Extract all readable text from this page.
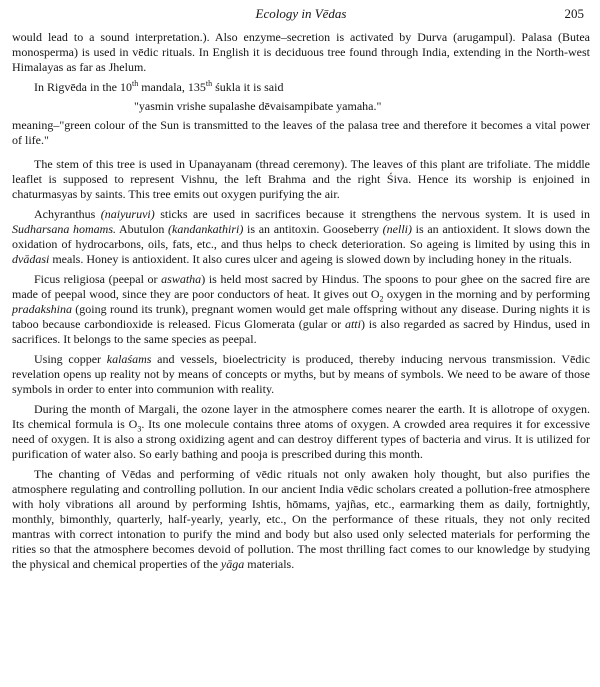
Ecology in Vēdas	205

would lead to a sound interpretation.). Also enzyme–secretion is activated by Durva (arugampul). Palasa (Butea monosperma) is used in vēdic rituals. In English it is deciduous tree found through India, extending in the North-west Himalayas as far as Jhelum.

In Rigvēda in the 10th mandala, 135th śukla it is said

"yasmin vrishe supalashe dēvaisampibate yamaha."

meaning–"green colour of the Sun is transmitted to the leaves of the palasa tree and therefore it becomes a vital power of life."

The stem of this tree is used in Upanayanam (thread ceremony). The leaves of this plant are trifoliate. The middle leaflet is supposed to represent Vishnu, the left Brahma and the right Śiva. Hence its worship is enjoined in chaturmasyas by saints. This tree emits out oxygen purifying the air.

Achyranthus (naiyuruvi) sticks are used in sacrifices because it strengthens the nervous system. It is used in Sudharsana homams. Abutulon (kandankathiri) is an antitoxin. Gooseberry (nelli) is an antioxident. It slows down the oxidation of hydrocarbons, oils, fats, etc., and thus helps to check deterioration. So ageing is limited by using this in dvādasi meals. Honey is antioxident. It also cures ulcer and ageing is slowed down by including honey in the rituals.

Ficus religiosa (peepal or aswatha) is held most sacred by Hindus. The spoons to pour ghee on the sacred fire are made of peepal wood, since they are poor conductors of heat. It gives out $O_2$ oxygen in the morning and by performing pradakshina (going round its trunk), pregnant women would get male offspring without any disease. During nights it is taboo because carbondioxide is released. Ficus Glomerata (gular or atti) is also regarded as sacred by Hindus, used in sacrifices. It belongs to the same species as peepal.

Using copper kalaśams and vessels, bioelectricity is produced, thereby inducing nervous transmission. Vēdic revelation opens up reality not by means of concepts or myths, but by means of symbols. We need to be aware of those symbols in order to enter into communion with reality.

During the month of Margali, the ozone layer in the atmosphere comes nearer the earth. It is allotrope of oxygen. Its chemical formula is $O_3$. Its one molecule contains three atoms of oxygen. A crowded area requires it for excessive need of oxygen. It is also a strong oxidizing agent and can destroy different types of bacteria and virus. It is utilized for purification of water also. So early bathing and pooja is prescribed during this month.

The chanting of Vēdas and performing of vēdic rituals not only awaken holy thought, but also purifies the atmosphere regulating and controlling pollution. In our ancient India vēdic scholars created a pollution-free atmosphere with holy vibrations all around by performing Ishtis, hōmams, yajñas, etc., earmarking them as daily, fortnightly, monthly, bimonthly, quarterly, half-yearly, yearly, etc., On the performance of these rituals, they not only recited mantras with correct intonation to purify the mind and body but also used only selected materials for performing the rities so that the atmosphere becomes devoid of pollution. The most thrilling fact comes to our knowledge by studying the physical and chemical properties of the yāga materials.
